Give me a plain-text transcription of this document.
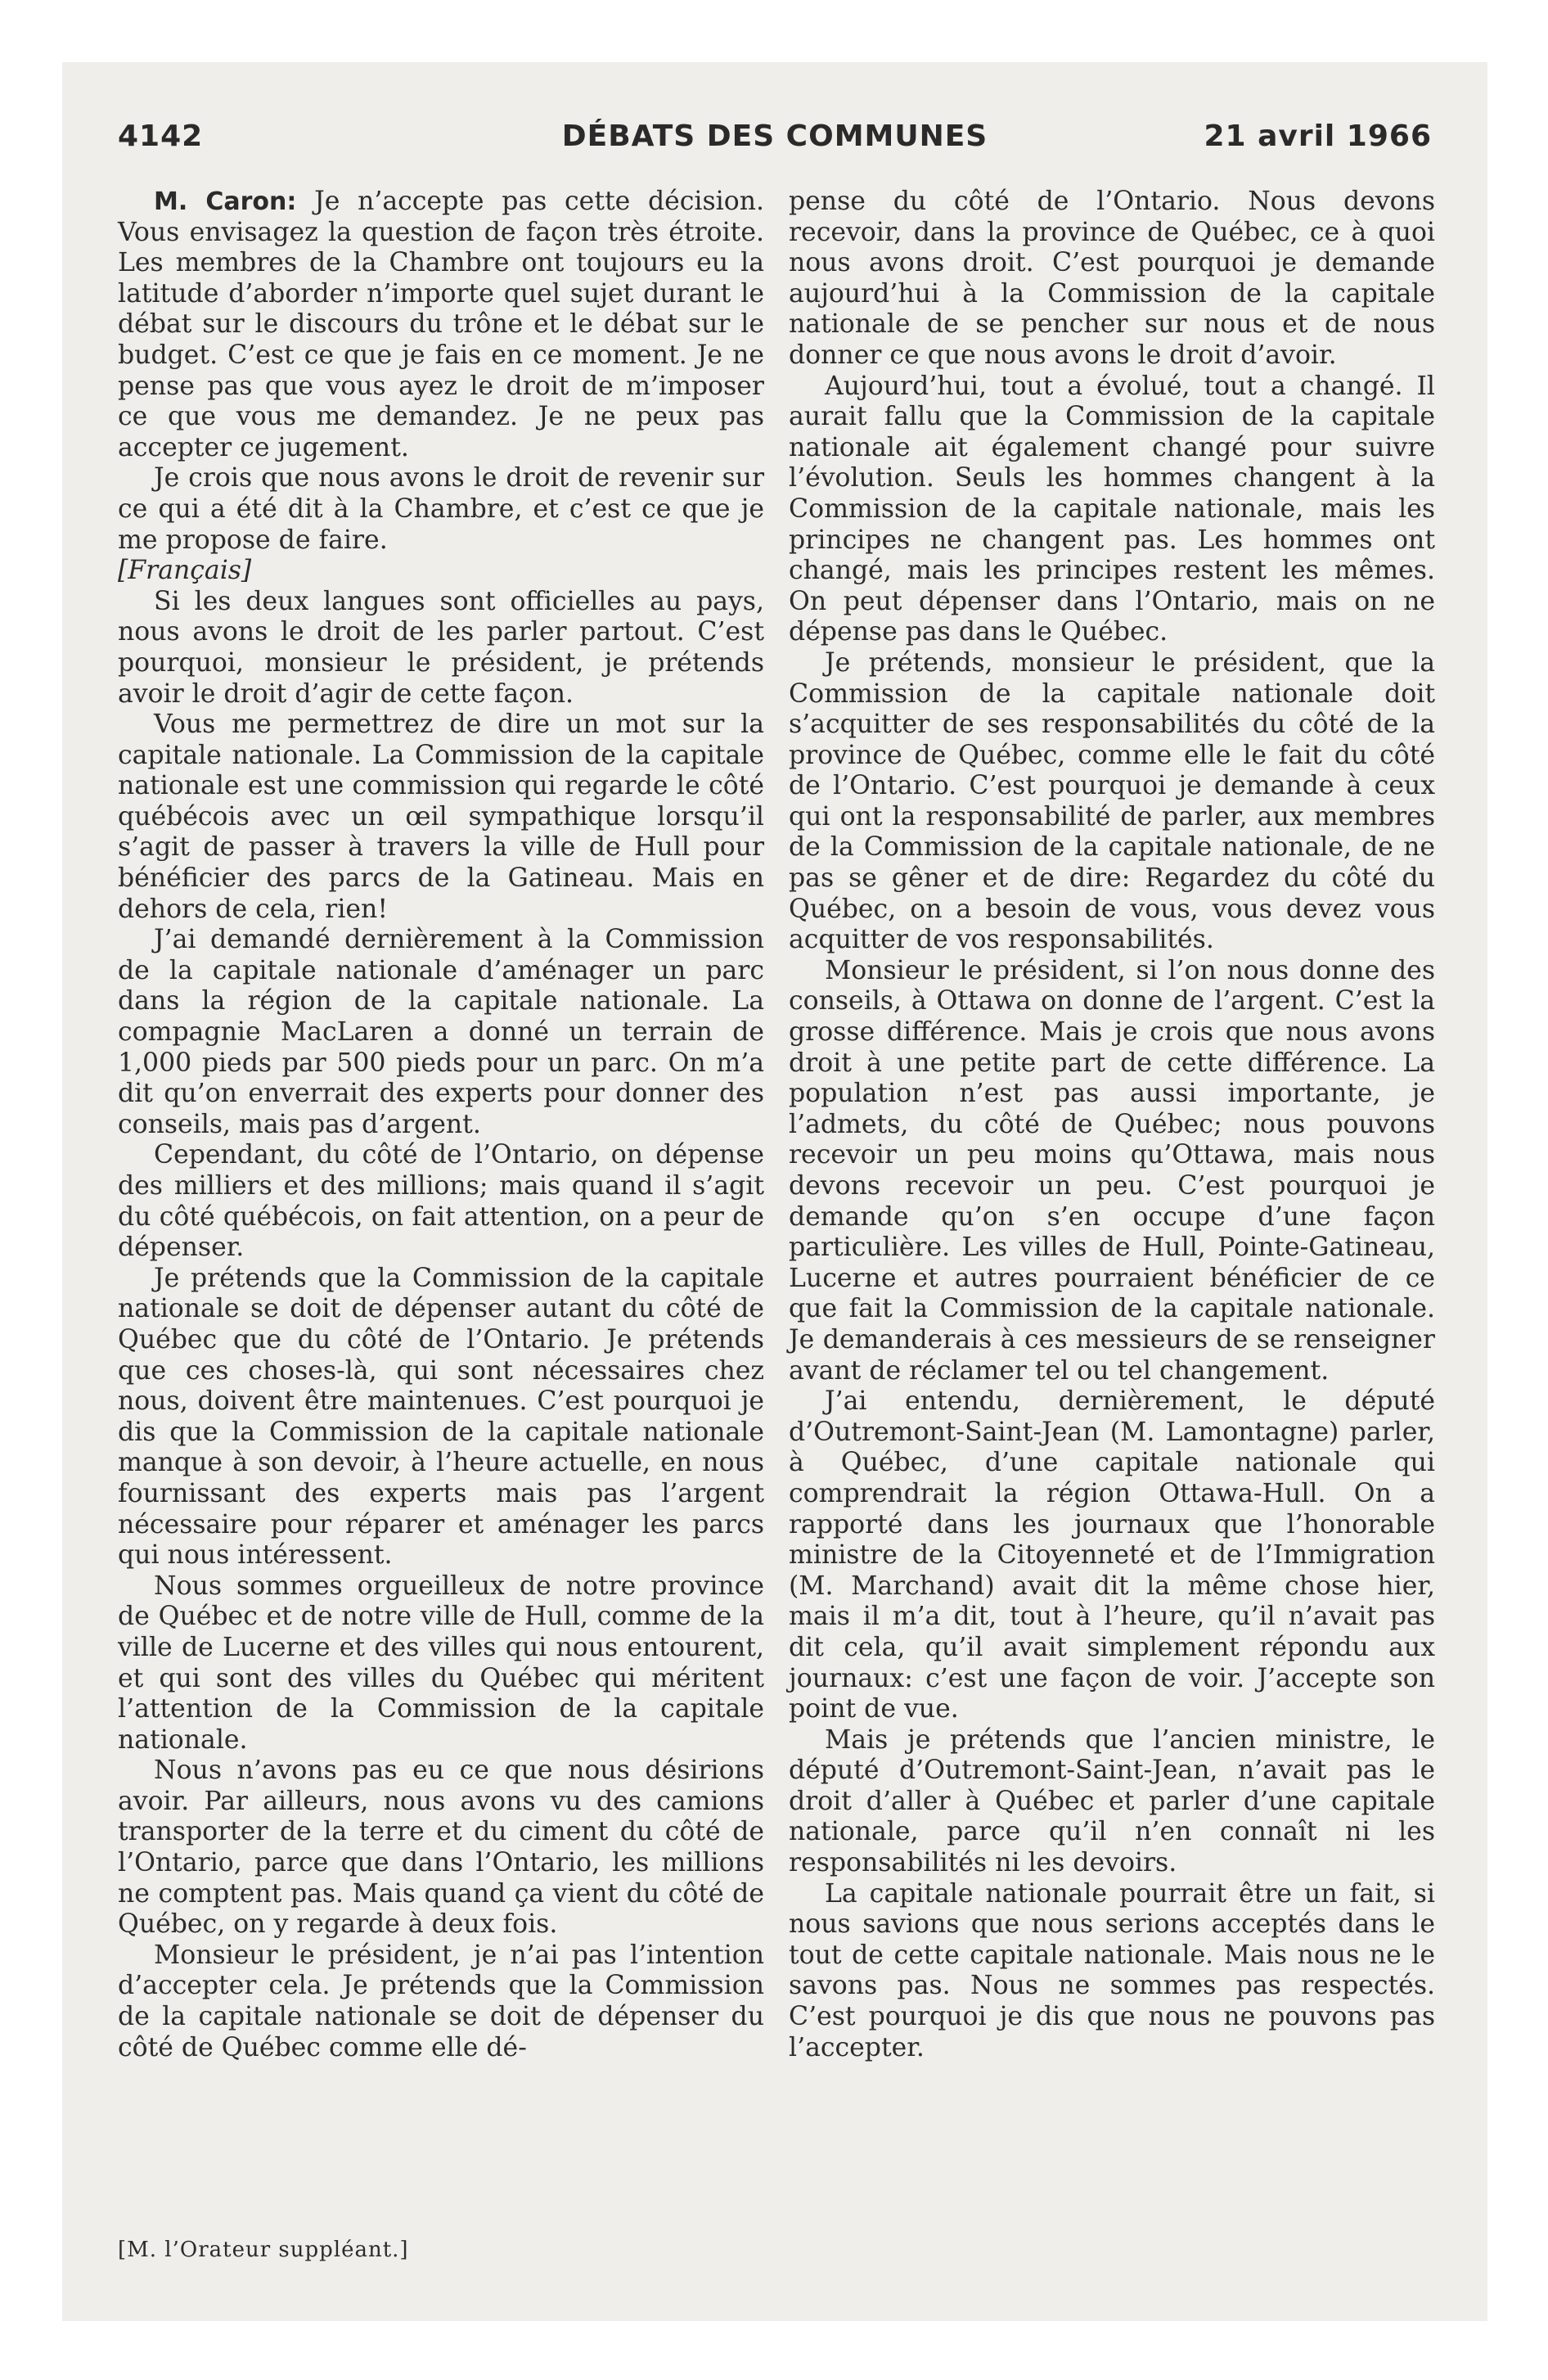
4142	DÉBATS DES COMMUNES	21 avril 1966

M. Caron: Je n’accepte pas cette décision. Vous envisagez la question de façon très étroite. Les membres de la Chambre ont toujours eu la latitude d’aborder n’importe quel sujet durant le débat sur le discours du trône et le débat sur le budget. C’est ce que je fais en ce moment. Je ne pense pas que vous ayez le droit de m’imposer ce que vous me demandez. Je ne peux pas accepter ce jugement.

Je crois que nous avons le droit de revenir sur ce qui a été dit à la Chambre, et c’est ce que je me propose de faire.

[Français]

Si les deux langues sont officielles au pays, nous avons le droit de les parler partout. C’est pourquoi, monsieur le président, je prétends avoir le droit d’agir de cette façon.

Vous me permettrez de dire un mot sur la capitale nationale. La Commission de la capitale nationale est une commission qui regarde le côté québécois avec un œil sympathique lorsqu’il s’agit de passer à travers la ville de Hull pour bénéficier des parcs de la Gatineau. Mais en dehors de cela, rien!

J’ai demandé dernièrement à la Commission de la capitale nationale d’aménager un parc dans la région de la capitale nationale. La compagnie MacLaren a donné un terrain de 1,000 pieds par 500 pieds pour un parc. On m’a dit qu’on enverrait des experts pour donner des conseils, mais pas d’argent.

Cependant, du côté de l’Ontario, on dépense des milliers et des millions; mais quand il s’agit du côté québécois, on fait attention, on a peur de dépenser.

Je prétends que la Commission de la capitale nationale se doit de dépenser autant du côté de Québec que du côté de l’Ontario. Je prétends que ces choses-là, qui sont nécessaires chez nous, doivent être maintenues. C’est pourquoi je dis que la Commission de la capitale nationale manque à son devoir, à l’heure actuelle, en nous fournissant des experts mais pas l’argent nécessaire pour réparer et aménager les parcs qui nous intéressent.

Nous sommes orgueilleux de notre province de Québec et de notre ville de Hull, comme de la ville de Lucerne et des villes qui nous entourent, et qui sont des villes du Québec qui méritent l’attention de la Commission de la capitale nationale.

Nous n’avons pas eu ce que nous désirions avoir. Par ailleurs, nous avons vu des camions transporter de la terre et du ciment du côté de l’Ontario, parce que dans l’Ontario, les millions ne comptent pas. Mais quand ça vient du côté de Québec, on y regarde à deux fois.

Monsieur le président, je n’ai pas l’intention d’accepter cela. Je prétends que la Commission de la capitale nationale se doit de dépenser du côté de Québec comme elle dé-

pense du côté de l’Ontario. Nous devons recevoir, dans la province de Québec, ce à quoi nous avons droit. C’est pourquoi je demande aujourd’hui à la Commission de la capitale nationale de se pencher sur nous et de nous donner ce que nous avons le droit d’avoir.

Aujourd’hui, tout a évolué, tout a changé. Il aurait fallu que la Commission de la capitale nationale ait également changé pour suivre l’évolution. Seuls les hommes changent à la Commission de la capitale nationale, mais les principes ne changent pas. Les hommes ont changé, mais les principes restent les mêmes. On peut dépenser dans l’Ontario, mais on ne dépense pas dans le Québec.

Je prétends, monsieur le président, que la Commission de la capitale nationale doit s’acquitter de ses responsabilités du côté de la province de Québec, comme elle le fait du côté de l’Ontario. C’est pourquoi je demande à ceux qui ont la responsabilité de parler, aux membres de la Commission de la capitale nationale, de ne pas se gêner et de dire: Regardez du côté du Québec, on a besoin de vous, vous devez vous acquitter de vos responsabilités.

Monsieur le président, si l’on nous donne des conseils, à Ottawa on donne de l’argent. C’est la grosse différence. Mais je crois que nous avons droit à une petite part de cette différence. La population n’est pas aussi importante, je l’admets, du côté de Québec; nous pouvons recevoir un peu moins qu’Ottawa, mais nous devons recevoir un peu. C’est pourquoi je demande qu’on s’en occupe d’une façon particulière. Les villes de Hull, Pointe-Gatineau, Lucerne et autres pourraient bénéficier de ce que fait la Commission de la capitale nationale. Je demanderais à ces messieurs de se renseigner avant de réclamer tel ou tel changement.

J’ai entendu, dernièrement, le député d’Outremont-Saint-Jean (M. Lamontagne) parler, à Québec, d’une capitale nationale qui comprendrait la région Ottawa-Hull. On a rapporté dans les journaux que l’honorable ministre de la Citoyenneté et de l’Immigration (M. Marchand) avait dit la même chose hier, mais il m’a dit, tout à l’heure, qu’il n’avait pas dit cela, qu’il avait simplement répondu aux journaux: c’est une façon de voir. J’accepte son point de vue.

Mais je prétends que l’ancien ministre, le député d’Outremont-Saint-Jean, n’avait pas le droit d’aller à Québec et parler d’une capitale nationale, parce qu’il n’en connaît ni les responsabilités ni les devoirs.

La capitale nationale pourrait être un fait, si nous savions que nous serions acceptés dans le tout de cette capitale nationale. Mais nous ne le savons pas. Nous ne sommes pas respectés. C’est pourquoi je dis que nous ne pouvons pas l’accepter.

[M. l’Orateur suppléant.]
